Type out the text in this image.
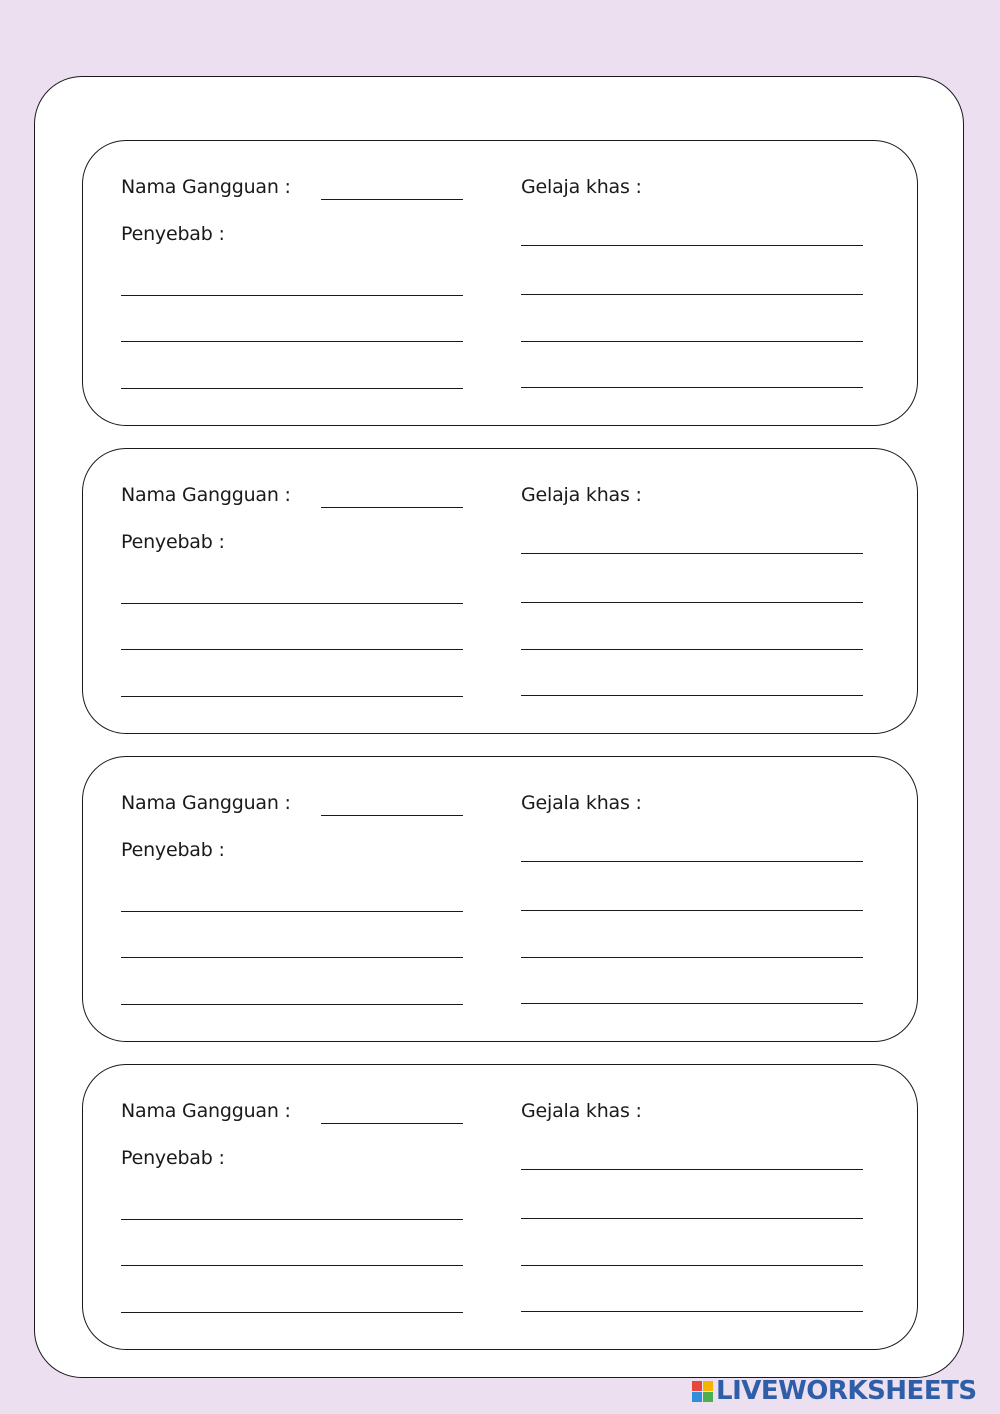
Nama Gangguan :
Penyebab :
Gelaja khas :
Nama Gangguan :
Penyebab :
Gelaja khas :
Nama Gangguan :
Penyebab :
Gejala khas :
Nama Gangguan :
Penyebab :
Gejala khas :
LIVEWORKSHEETS
